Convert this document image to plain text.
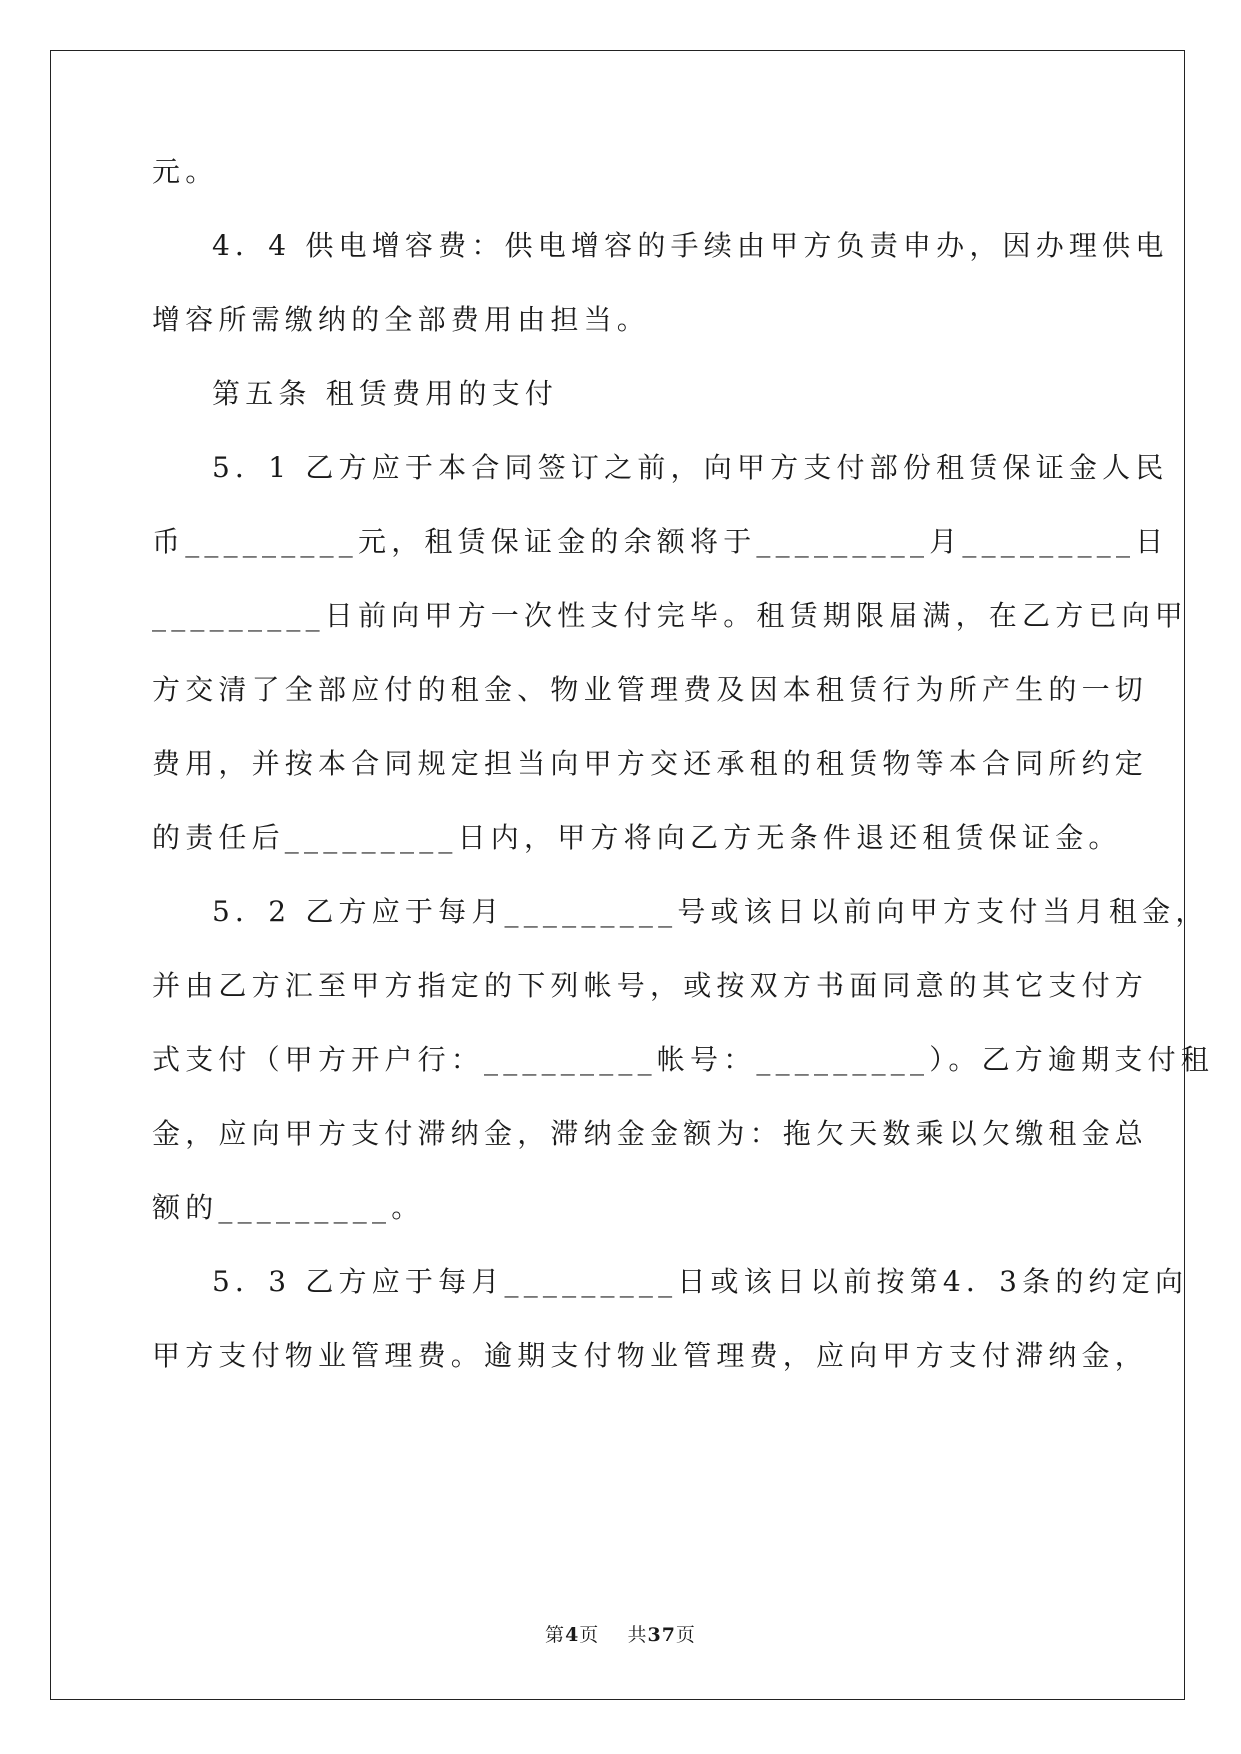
元。
4．4 供电增容费：供电增容的手续由甲方负责申办，因办理供电
增容所需缴纳的全部费用由担当。
第五条 租赁费用的支付
5．1 乙方应于本合同签订之前，向甲方支付部份租赁保证金人民
币_________元，租赁保证金的余额将于_________月_________日
_________日前向甲方一次性支付完毕。租赁期限届满，在乙方已向甲
方交清了全部应付的租金、物业管理费及因本租赁行为所产生的一切
费用，并按本合同规定担当向甲方交还承租的租赁物等本合同所约定
的责任后_________日内，甲方将向乙方无条件退还租赁保证金。
5．2 乙方应于每月_________号或该日以前向甲方支付当月租金，
并由乙方汇至甲方指定的下列帐号，或按双方书面同意的其它支付方
式支付（甲方开户行：_________帐号：_________）。乙方逾期支付租
金，应向甲方支付滞纳金，滞纳金金额为：拖欠天数乘以欠缴租金总
额的_________。
5．3 乙方应于每月_________日或该日以前按第4．3条的约定向
甲方支付物业管理费。逾期支付物业管理费，应向甲方支付滞纳金，
第4页    共37页
